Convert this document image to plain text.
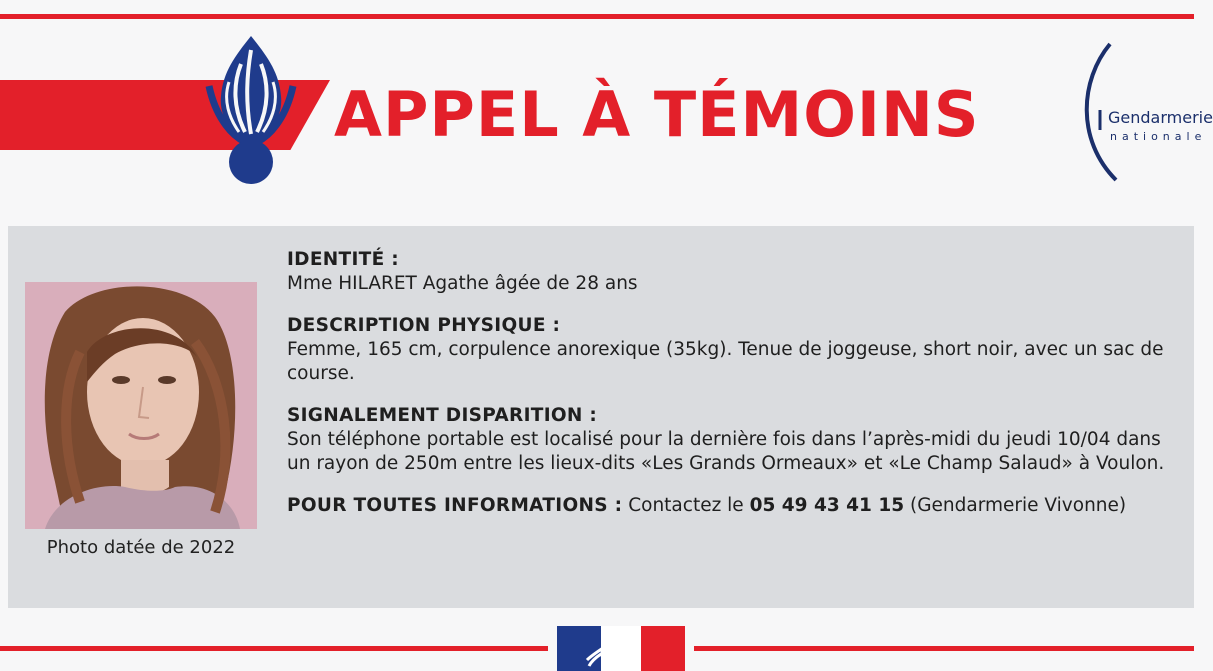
APPEL À TÉMOINS	Gendarmerie
nationale
Photo datée de 2022
IDENTITÉ :
Mme HILARET Agathe âgée de 28 ans
DESCRIPTION PHYSIQUE :
Femme, 165 cm, corpulence anorexique (35kg). Tenue de joggeuse, short noir, avec un sac de course.
SIGNALEMENT DISPARITION :
Son téléphone portable est localisé pour la dernière fois dans l’après-midi du jeudi 10/04 dans un rayon de 250m entre les lieux-dits «Les Grands Ormeaux» et «Le Champ Salaud» à Voulon.
POUR TOUTES INFORMATIONS : Contactez le 05 49 43 41 15 (Gendarmerie Vivonne)
